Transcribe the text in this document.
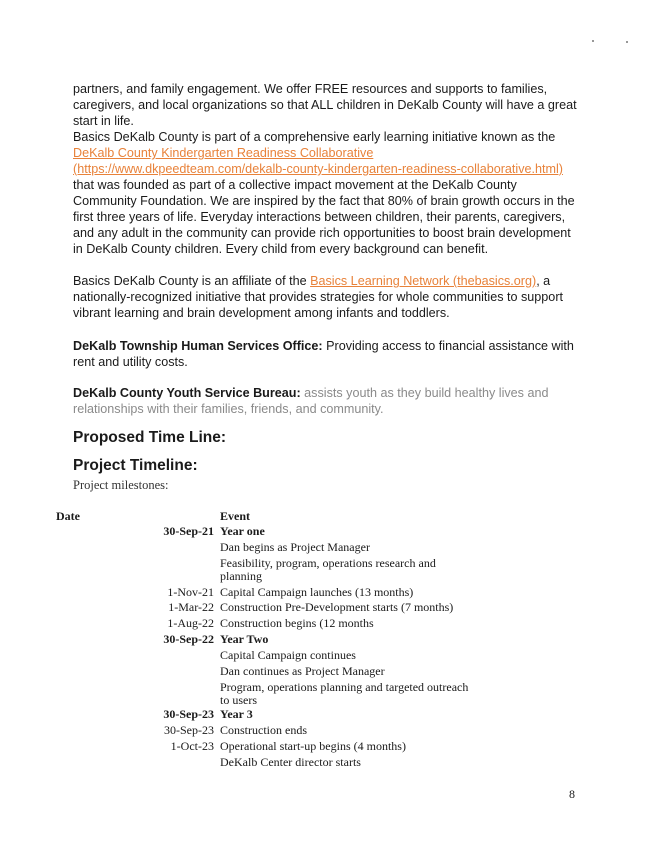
partners, and family engagement. We offer FREE resources and supports to families, caregivers, and local organizations so that ALL children in DeKalb County will have a great start in life.

Basics DeKalb County is part of a comprehensive early learning initiative known as the DeKalb County Kindergarten Readiness Collaborative (https://www.dkpeedteam.com/dekalb-county-kindergarten-readiness-collaborative.html) that was founded as part of a collective impact movement at the DeKalb County Community Foundation. We are inspired by the fact that 80% of brain growth occurs in the first three years of life. Everyday interactions between children, their parents, caregivers, and any adult in the community can provide rich opportunities to boost brain development in DeKalb County children. Every child from every background can benefit.

Basics DeKalb County is an affiliate of the Basics Learning Network (thebasics.org), a nationally-recognized initiative that provides strategies for whole communities to support vibrant learning and brain development among infants and toddlers.

DeKalb Township Human Services Office: Providing access to financial assistance with rent and utility costs.

DeKalb County Youth Service Bureau: assists youth as they build healthy lives and relationships with their families, friends, and community.

Proposed Time Line:
Project Timeline:
Project milestones:
Date	Event
30-Sep-21 Year one
Dan begins as Project Manager
Feasibility, program, operations research and planning
1-Nov-21 Capital Campaign launches (13 months)
1-Mar-22 Construction Pre-Development starts (7 months)
1-Aug-22 Construction begins (12 months
30-Sep-22 Year Two
Capital Campaign continues
Dan continues as Project Manager
Program, operations planning and targeted outreach to users
30-Sep-23 Year 3
30-Sep-23 Construction ends
1-Oct-23 Operational start-up begins (4 months)
DeKalb Center director starts
8
